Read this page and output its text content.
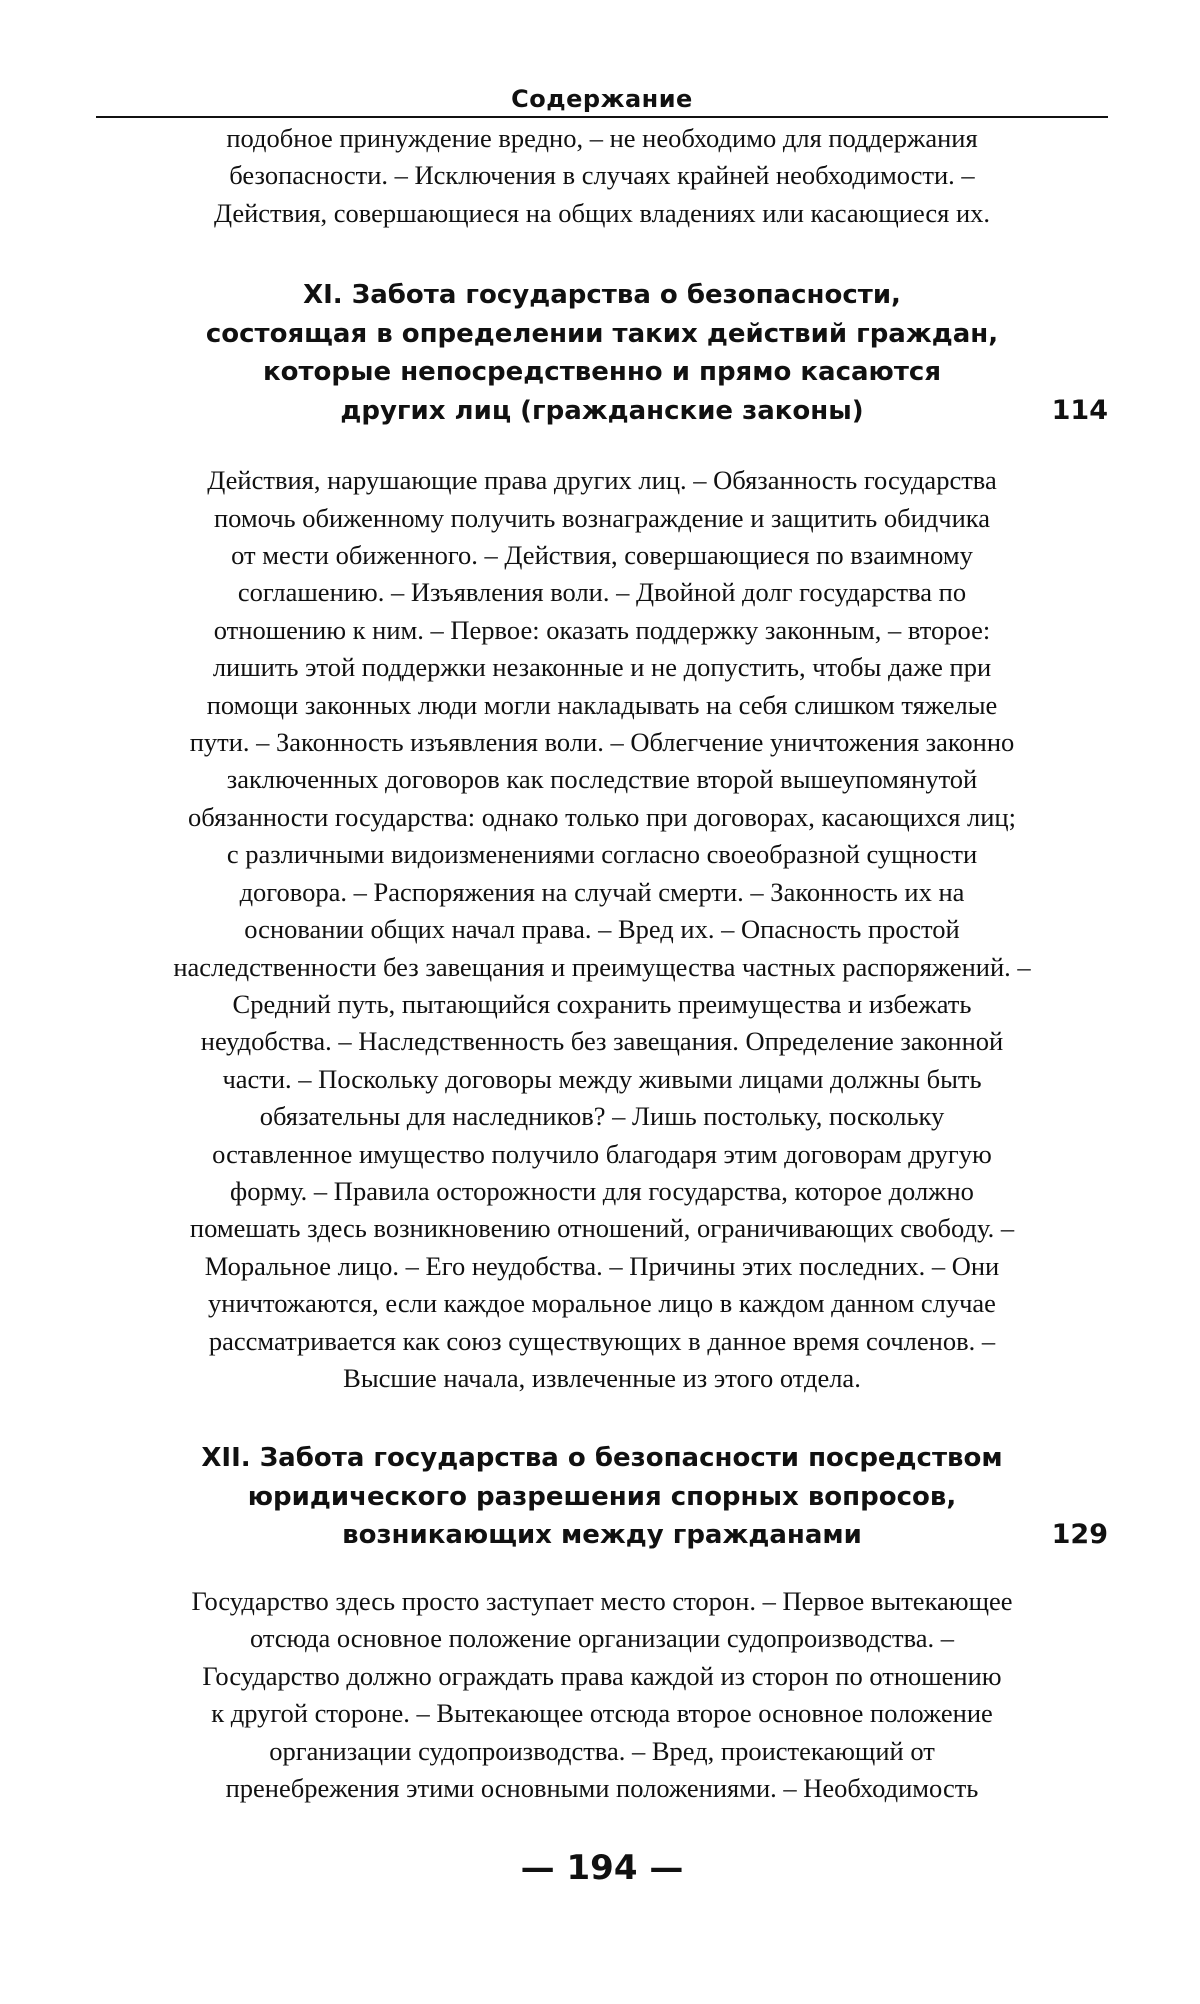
Содержание

подобное принуждение вредно, – не необходимо для поддержания
безопасности. – Исключения в случаях крайней необходимости. –
Действия, совершающиеся на общих владениях или касающиеся их.

XI. Забота государства о безопасности,
состоящая в определении таких действий граждан,
которые непосредственно и прямо касаются
других лиц (гражданские законы)	114

Действия, нарушающие права других лиц. – Обязанность государства
помочь обиженному получить вознаграждение и защитить обидчика
от мести обиженного. – Действия, совершающиеся по взаимному
соглашению. – Изъявления воли. – Двойной долг государства по
отношению к ним. – Первое: оказать поддержку законным, – второе:
лишить этой поддержки незаконные и не допустить, чтобы даже при
помощи законных люди могли накладывать на себя слишком тяжелые
пути. – Законность изъявления воли. – Облегчение уничтожения законно
заключенных договоров как последствие второй вышеупомянутой
обязанности государства: однако только при договорах, касающихся лиц;
с различными видоизменениями согласно своеобразной сущности
договора. – Распоряжения на случай смерти. – Законность их на
основании общих начал права. – Вред их. – Опасность простой
наследственности без завещания и преимущества частных распоряжений. –
Средний путь, пытающийся сохранить преимущества и избежать
неудобства. – Наследственность без завещания. Определение законной
части. – Поскольку договоры между живыми лицами должны быть
обязательны для наследников? – Лишь постольку, поскольку
оставленное имущество получило благодаря этим договорам другую
форму. – Правила осторожности для государства, которое должно
помешать здесь возникновению отношений, ограничивающих свободу. –
Моральное лицо. – Его неудобства. – Причины этих последних. – Они
уничтожаются, если каждое моральное лицо в каждом данном случае
рассматривается как союз существующих в данное время сочленов. –
Высшие начала, извлеченные из этого отдела.

XII. Забота государства о безопасности посредством
юридического разрешения спорных вопросов,
возникающих между гражданами	129

Государство здесь просто заступает место сторон. – Первое вытекающее
отсюда основное положение организации судопроизводства. –
Государство должно ограждать права каждой из сторон по отношению
к другой стороне. – Вытекающее отсюда второе основное положение
организации судопроизводства. – Вред, проистекающий от
пренебрежения этими основными положениями. – Необходимость

— 194 —
